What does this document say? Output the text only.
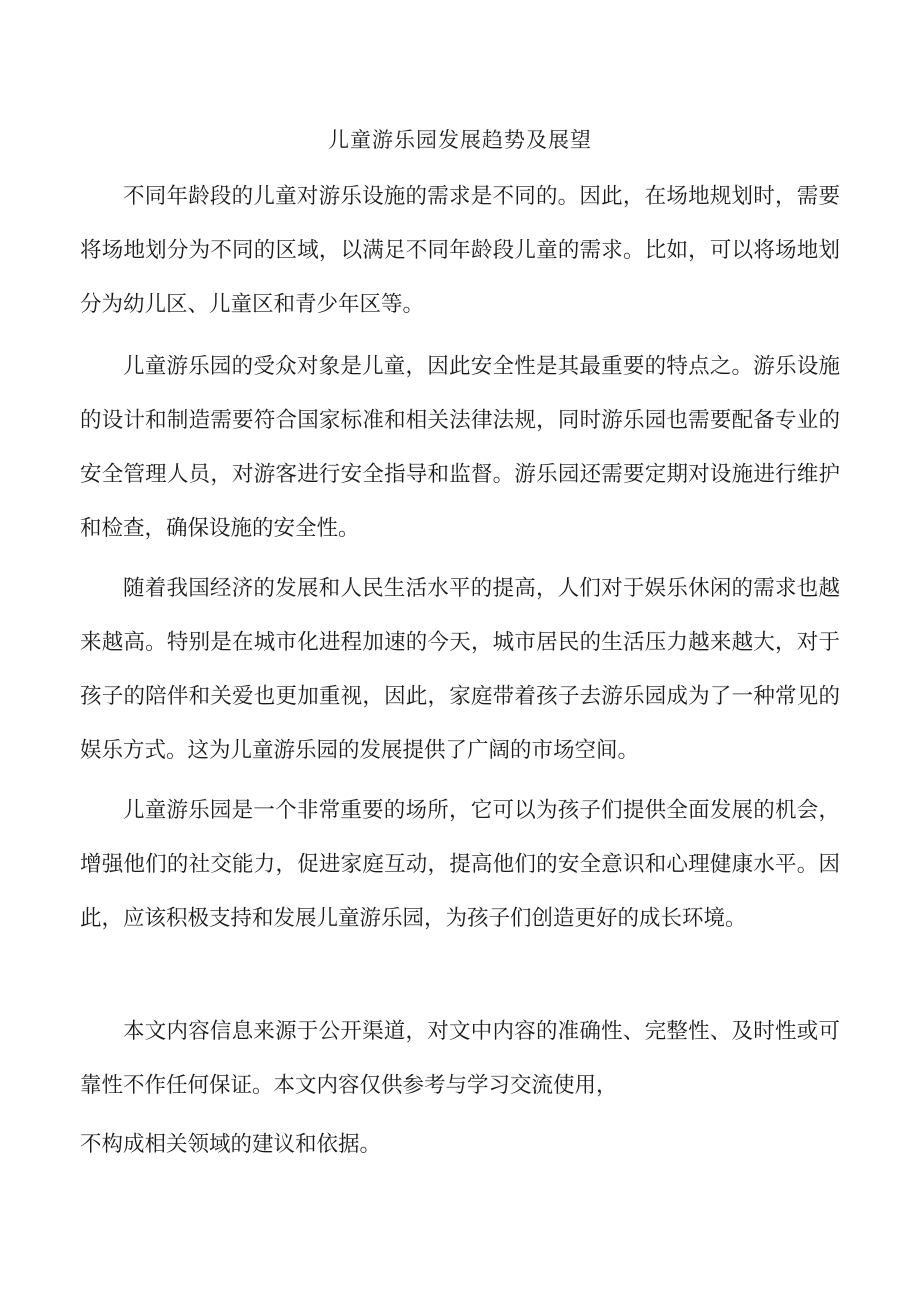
儿童游乐园发展趋势及展望

不同年龄段的儿童对游乐设施的需求是不同的。因此，在场地规划时，需要将场地划分为不同的区域，以满足不同年龄段儿童的需求。比如，可以将场地划分为幼儿区、儿童区和青少年区等。

儿童游乐园的受众对象是儿童，因此安全性是其最重要的特点之。游乐设施的设计和制造需要符合国家标准和相关法律法规，同时游乐园也需要配备专业的安全管理人员，对游客进行安全指导和监督。游乐园还需要定期对设施进行维护和检查，确保设施的安全性。

随着我国经济的发展和人民生活水平的提高，人们对于娱乐休闲的需求也越来越高。特别是在城市化进程加速的今天，城市居民的生活压力越来越大，对于孩子的陪伴和关爱也更加重视，因此，家庭带着孩子去游乐园成为了一种常见的娱乐方式。这为儿童游乐园的发展提供了广阔的市场空间。

儿童游乐园是一个非常重要的场所，它可以为孩子们提供全面发展的机会，增强他们的社交能力，促进家庭互动，提高他们的安全意识和心理健康水平。因此，应该积极支持和发展儿童游乐园，为孩子们创造更好的成长环境。

本文内容信息来源于公开渠道，对文中内容的准确性、完整性、及时性或可靠性不作任何保证。本文内容仅供参考与学习交流使用，

不构成相关领域的建议和依据。
